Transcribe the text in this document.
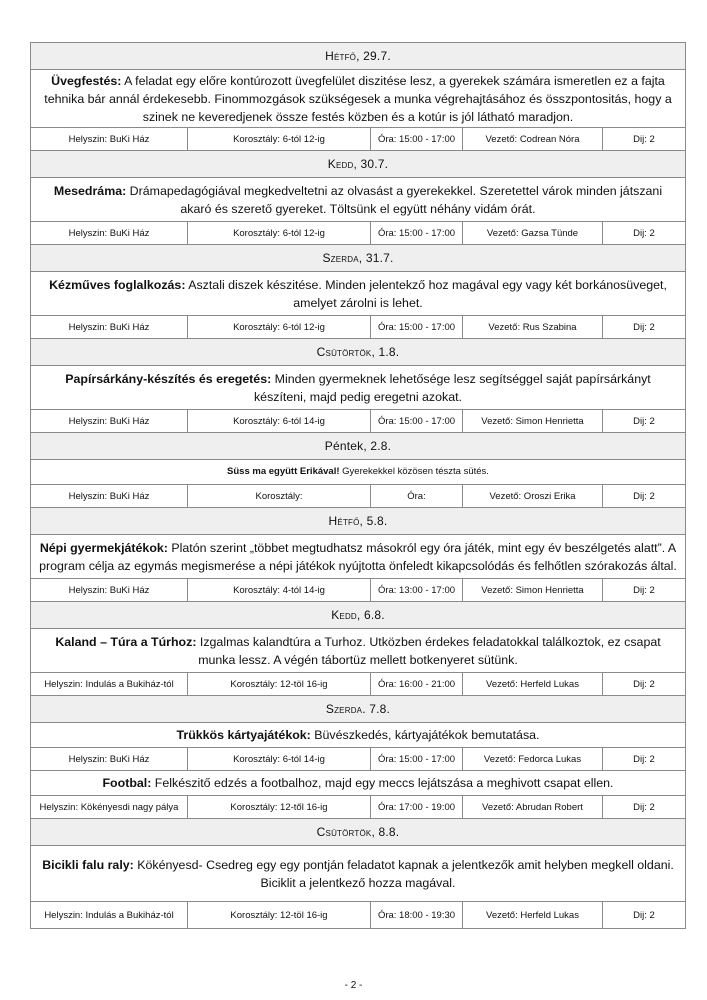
Hétfő, 29.7.
Üvegfestés: A feladat egy előre kontúrozott üvegfelület diszitése lesz, a gyerekek számára ismeretlen ez a fajta tehnika bár annál érdekesebb. Finommozgások szükségesek a munka végrehajtásához és összpontositás, hogy a szinek ne keveredjenek össze festés közben és a kotúr is jól látható maradjon.
Helyszin: BuKi Ház	Korosztály: 6-tól 12-ig	Óra: 15:00 - 17:00	Vezető: Codrean Nóra	Dij: 2
Kedd, 30.7.
Mesedráma: Drámapedagógiával megkedveltetni az olvasást a gyerekekkel. Szeretettel várok minden játszani akaró és szerető gyereket. Töltsünk el együtt néhány vidám órát.
Helyszin: BuKi Ház	Korosztály: 6-tól 12-ig	Óra: 15:00 - 17:00	Vezető: Gazsa Tünde	Dij: 2
Szerda, 31.7.
Kézműves foglalkozás: Asztali diszek készitése. Minden jelentekző hoz magával egy vagy két borkánosüveget, amelyet zárolni is lehet.
Helyszin: BuKi Ház	Korosztály: 6-tól 12-ig	Óra: 15:00 - 17:00	Vezető: Rus Szabina	Dij: 2
Csütörtök, 1.8.
Papírsárkány-készítés és eregetés: Minden gyermeknek lehetősége lesz segítséggel saját papírsárkányt készíteni, majd pedig eregetni azokat.
Helyszin: BuKi Ház	Korosztály: 6-tól 14-ig	Óra: 15:00 - 17:00	Vezető: Simon Henrietta	Dij: 2
Péntek, 2.8.
Süss ma együtt Erikával! Gyerekekkel közösen tészta sütés.
Helyszin: BuKi Ház	Korosztály:	Óra:	Vezető: Oroszi Erika	Dij: 2
Hétfő, 5.8.
Népi gyermekjátékok: Platón szerint „többet megtudhatsz másokról egy óra játék, mint egy év beszélgetés alatt”. A program célja az egymás megismerése a népi játékok nyújtotta önfeledt kikapcsolódás és felhőtlen szórakozás által.
Helyszin: BuKi Ház	Korosztály: 4-tól 14-ig	Óra: 13:00 - 17:00	Vezető: Simon Henrietta	Dij: 2
Kedd, 6.8.
Kaland – Túra a Túrhoz: Izgalmas kalandtúra a Turhoz. Utközben érdekes feladatokkal találkoztok, ez csapat munka lessz. A végén tábortüz mellett botkenyeret sütünk.
Helyszin: Indulás a Bukiház-tól	Korosztály: 12-töl 16-ig	Óra: 16:00 - 21:00	Vezető: Herfeld Lukas	Dij: 2
Szerda. 7.8.
Trükkös kártyajátékok: Büvészkedés, kártyajátékok bemutatása.
Helyszin: BuKi Ház	Korosztály: 6-tól 14-ig	Óra: 15:00 - 17:00	Vezető: Fedorca Lukas	Dij: 2
Footbal: Felkészitő edzés a footbalhoz, majd egy meccs lejátszása a meghivott csapat ellen.
Helyszin: Kökényesdi nagy pálya	Korosztály: 12-től 16-ig	Óra: 17:00 - 19:00	Vezető: Abrudan Robert	Dij: 2
Csütörtök, 8.8.
Bicikli falu raly: Kökényesd- Csedreg egy egy pontján feladatot kapnak a jelentkezők amit helyben megkell oldani. Biciklit a jelentkező hozza magával.
Helyszin: Indulás a Bukiház-tól	Korosztály: 12-töl 16-ig	Óra: 18:00 - 19:30	Vezető: Herfeld Lukas	Dij: 2
- 2 -
